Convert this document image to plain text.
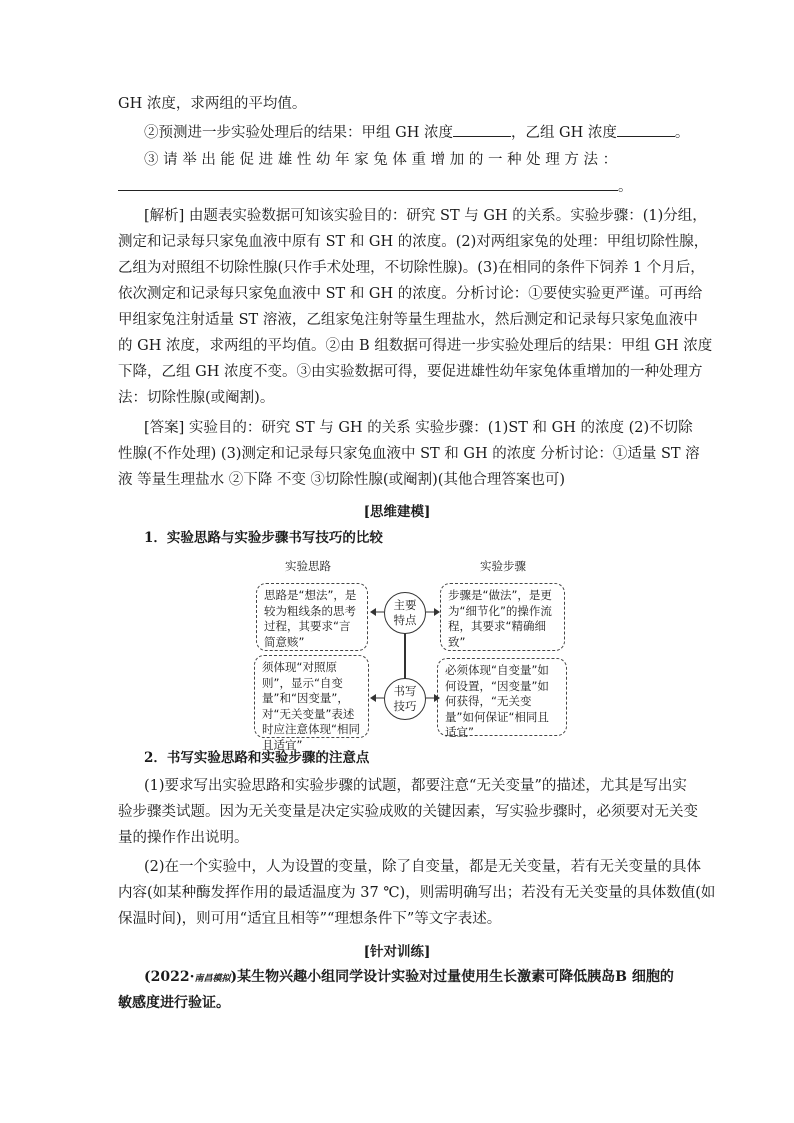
GH 浓度，求两组的平均值。
②预测进一步实验处理后的结果：甲组 GH 浓度	，乙组 GH 浓度	。
③ 请 举 出 能 促 进 雄 性 幼 年 家 兔 体 重 增 加 的 一 种 处 理 方 法 ：
。
[解析] 由题表实验数据可知该实验目的：研究 ST 与 GH 的关系。实验步骤：(1)分组，
测定和记录每只家兔血液中原有 ST 和 GH 的浓度。(2)对两组家兔的处理：甲组切除性腺，
乙组为对照组不切除性腺(只作手术处理，不切除性腺)。(3)在相同的条件下饲养 1 个月后，
依次测定和记录每只家兔血液中 ST 和 GH 的浓度。分析讨论：①要使实验更严谨。可再给
甲组家兔注射适量 ST 溶液，乙组家兔注射等量生理盐水，然后测定和记录每只家兔血液中
的 GH 浓度，求两组的平均值。②由 B 组数据可得进一步实验处理后的结果：甲组 GH 浓度
下降，乙组 GH 浓度不变。③由实验数据可得，要促进雄性幼年家兔体重增加的一种处理方
法：切除性腺(或阉割)。
[答案] 实验目的：研究 ST 与 GH 的关系 实验步骤：(1)ST 和 GH 的浓度 (2)不切除
性腺(不作处理) (3)测定和记录每只家兔血液中 ST 和 GH 的浓度 分析讨论：①适量 ST 溶
液 等量生理盐水 ②下降 不变 ③切除性腺(或阉割)(其他合理答案也可)
[思维建模]
1．实验思路与实验步骤书写技巧的比较
实验思路	实验步骤
思路是“想法”，是较为粗线条的思考过程，其要求“言简意赅”
步骤是“做法”，是更为“细节化”的操作流程，其要求“精确细致”
须体现“对照原则”，显示“自变量”和“因变量”，对“无关变量”表述时应注意体现“相同且适宜”
必须体现“自变量”如何设置，“因变量”如何获得，“无关变量”如何保证“相同且适宜”
主要
特点
书写
技巧
2．书写实验思路和实验步骤的注意点
(1)要求写出实验思路和实验步骤的试题，都要注意“无关变量”的描述，尤其是写出实
验步骤类试题。因为无关变量是决定实验成败的关键因素，写实验步骤时，必须要对无关变
量的操作作出说明。
(2)在一个实验中，人为设置的变量，除了自变量，都是无关变量，若有无关变量的具体
内容(如某种酶发挥作用的最适温度为 37 ℃)，则需明确写出；若没有无关变量的具体数值(如
保温时间)，则可用“适宜且相等”“理想条件下”等文字表述。
[针对训练]
(2022·南昌模拟)某生物兴趣小组同学设计实验对过量使用生长激素可降低胰岛B 细胞的
敏感度进行验证。
